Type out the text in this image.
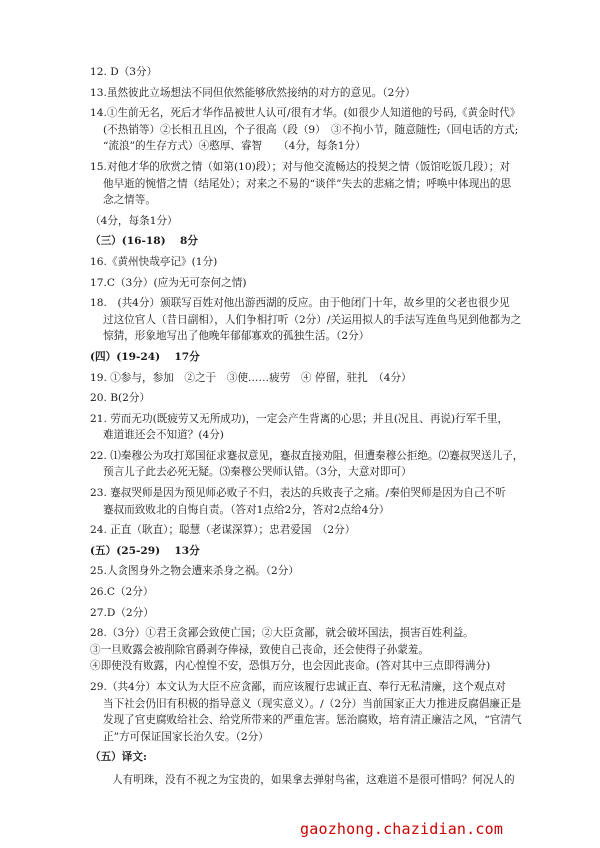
12. D（3分）
13.虽然彼此立场想法不同但依然能够欣然接纳的对方的意见。（2分）
14.①生前无名，死后才华作品被世人认可/很有才华。(如很少人知道他的号码,《黄金时代》
(不热销等）②长相丑且凶，个子很高（段（9）　③不拘小节，随意随性;（回电话的方式;
“流浪”的生存方式）④憨厚、睿智　　（4分，每条1分）
15.对他才华的欣赏之情（如第(10)段）；对与他交流畅达的投契之情（饭馆吃饭几段）；对
他早逝的惋惜之情（结尾处）；对来之不易的“谈伴”失去的悲痛之情；呼唤中体现出的思
念之情等。
（4分，每条1分）
（三）(16-18)　 8分
16.《黄州快哉亭记》(1分)
17.C（3分）(应为无可奈何之情)
18.　(共4分）颁联写百姓对他出游西湖的反应。由于他闭门十年，故乡里的父老也很少见
过这位官人（昔日副相），人们争相打听（2分）/关运用拟人的手法写连鱼鸟见到他都为之
惊猜，形象地写出了他晚年郁郁寡欢的孤独生活。（2分）
(四）(19-24)　 17分
19. ①参与，参加　②之于　③使……疲劳　④ 停留，驻扎　（4分）
20. B(2分）
21. 劳而无功(既疲劳又无所成功)，一定会产生背离的心思；并且(况且、再说)行军千里，
难道谁还会不知道？(4分)
22. ⑴秦穆公为攻打郑国征求蹇叔意见，蹇叔直接劝阻，但遭秦穆公拒绝。⑵蹇叔哭送儿子，
预言儿子此去必死无疑。⑶秦穆公哭师认错。（3分，大意对即可）
23. 蹇叔哭师是因为预见师必败子不归，表达的兵败丧子之痛。/秦伯哭师是因为自己不听
蹇叔而致败北的自悔自责。（答对1点给2分，答对2点给4分）
24. 正直（耿直）；聪慧（老谋深算）；忠君爱国　（2分）
(五）(25-29)　 13分
25.人贪图身外之物会遭来杀身之祸。（2分）
26.C（2分）
27.D（2分）
28.（3分）①君王贪鄙会致使亡国；②大臣贪鄙，就会破坏国法，损害百姓利益。
③一旦败露会被削除官爵剥夺俸禄，致使自己丧命，还会使得子孙蒙羞。
④即使没有败露，内心惶惶不安，恐惧万分，也会因此丧命。(答对其中三点即得满分)
29.（共4分）本文认为大臣不应贪鄙，而应该履行忠诚正直、奉行无私清廉，这个观点对
当下社会仍旧有积极的指导意义（现实意义）。/（2分）当前国家正大力推进反腐倡廉正是
发现了官吏腐败给社会、给党所带来的严重危害。惩治腐败，培育清正廉洁之风，“官清气
正”方可保证国家长治久安。（2分）
（五）译文:
人有明珠，没有不视之为宝贵的，如果拿去弹射鸟雀，这难道不是很可惜吗？何况人的
gaozhong.chazidian.com
